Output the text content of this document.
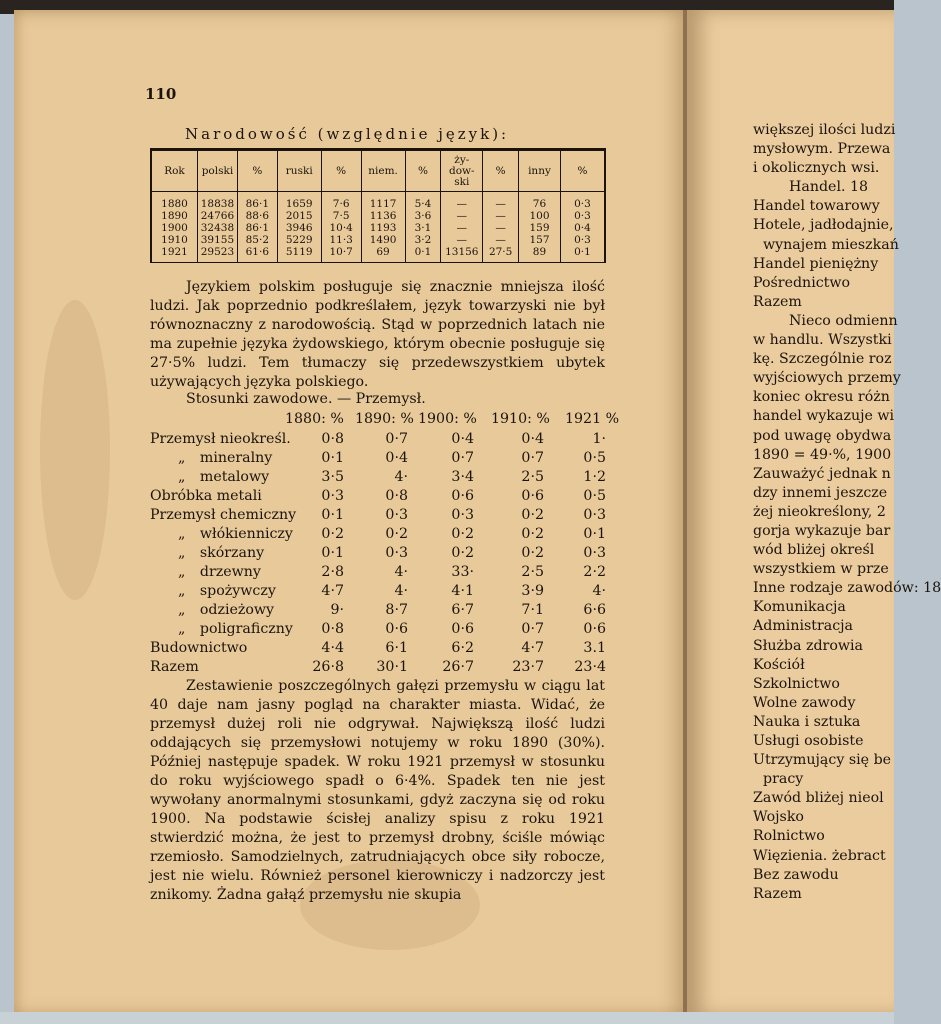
110
Narodowość (względnie język):
Rok	polski	%	ruski	%	niem.	%	ży-
dow-
ski	%	inny	%
1880	18838	86·1	1659	7·6	1117	5·4	—	—	76	0·3
1890	24766	88·6	2015	7·5	1136	3·6	—	—	100	0·3
1900	32438	86·1	3946	10·4	1193	3·1	—	—	159	0·4
1910	39155	85·2	5229	11·3	1490	3·2	—	—	157	0·3
1921	29523	61·6	5119	10·7	69	0·1	13156	27·5	89	0·1

Językiem polskim posługuje się znacznie mniejsza ilość ludzi. Jak poprzednio podkreślałem, język towarzyski nie był równoznaczny z narodowością. Stąd w poprzednich latach nie ma zupełnie języka żydowskiego, którym obecnie posługuje się 27·5% ludzi. Tem tłumaczy się przedewszystkiem ubytek używających języka polskiego.

Stosunki zawodowe. — Przemysł.
1880: % 1890: % 1900: % 1910: % 1921 %
Przemysł nieokreśl.	0·8	0·7	0·4	0·4	1·
„ mineralny	0·1	0·4	0·7	0·7	0·5
„ metalowy	3·5	4·	3·4	2·5	1·2
Obróbka metali	0·3	0·8	0·6	0·6	0·5
Przemysł chemiczny	0·1	0·3	0·3	0·2	0·3
„ włókienniczy	0·2	0·2	0·2	0·2	0·1
„ skórzany	0·1	0·3	0·2	0·2	0·3
„ drzewny	2·8	4·	33·	2·5	2·2
„ spożywczy	4·7	4·	4·1	3·9	4·
„ odzieżowy	9·	8·7	6·7	7·1	6·6
„ poligraficzny	0·8	0·6	0·6	0·7	0·6
Budownictwo	4·4	6·1	6·2	4·7	3.1
Razem	26·8	30·1	26·7	23·7	23·4

Zestawienie poszczególnych gałęzi przemysłu w ciągu lat 40 daje nam jasny pogląd na charakter miasta. Widać, że przemysł dużej roli nie odgrywał. Największą ilość ludzi oddających się przemysłowi notujemy w roku 1890 (30%). Później następuje spadek. W roku 1921 przemysł w stosunku do roku wyjściowego spadł o 6·4%. Spadek ten nie jest wywołany anormalnymi stosunkami, gdyż zaczyna się od roku 1900. Na podstawie ścisłej analizy spisu z roku 1921 stwierdzić można, że jest to przemysł drobny, ściśle mówiąc rzemiosło. Samodzielnych, zatrudniających obce siły robocze, jest nie wielu. Również personel kierowniczy i nadzorczy jest znikomy. Żadna gałąź przemysłu nie skupia

większej ilości ludzi
mysłowym. Przewa
i okolicznych wsi.
Handel. 18
Handel towarowy
Hotele, jadłodajnie,
wynajem mieszkań
Handel pieniężny
Pośrednictwo
Razem
Nieco odmienn
w handlu. Wszystki
kę. Szczególnie roz
wyjściowych przemy
koniec okresu różn
handel wykazuje wi
pod uwagę obydwa
1890 = 49·%, 1900
Zauważyć jednak n
dzy innemi jeszcze
żej nieokreślony, 2
gorja wykazuje bar
wód bliżej określ
wszystkiem w prze
Inne rodzaje zawodów: 18
Komunikacja
Administracja
Służba zdrowia
Kościół
Szkolnictwo
Wolne zawody
Nauka i sztuka
Usługi osobiste
Utrzymujący się be
pracy
Zawód bliżej nieol
Wojsko
Rolnictwo
Więzienia. żebract
Bez zawodu
Razem
